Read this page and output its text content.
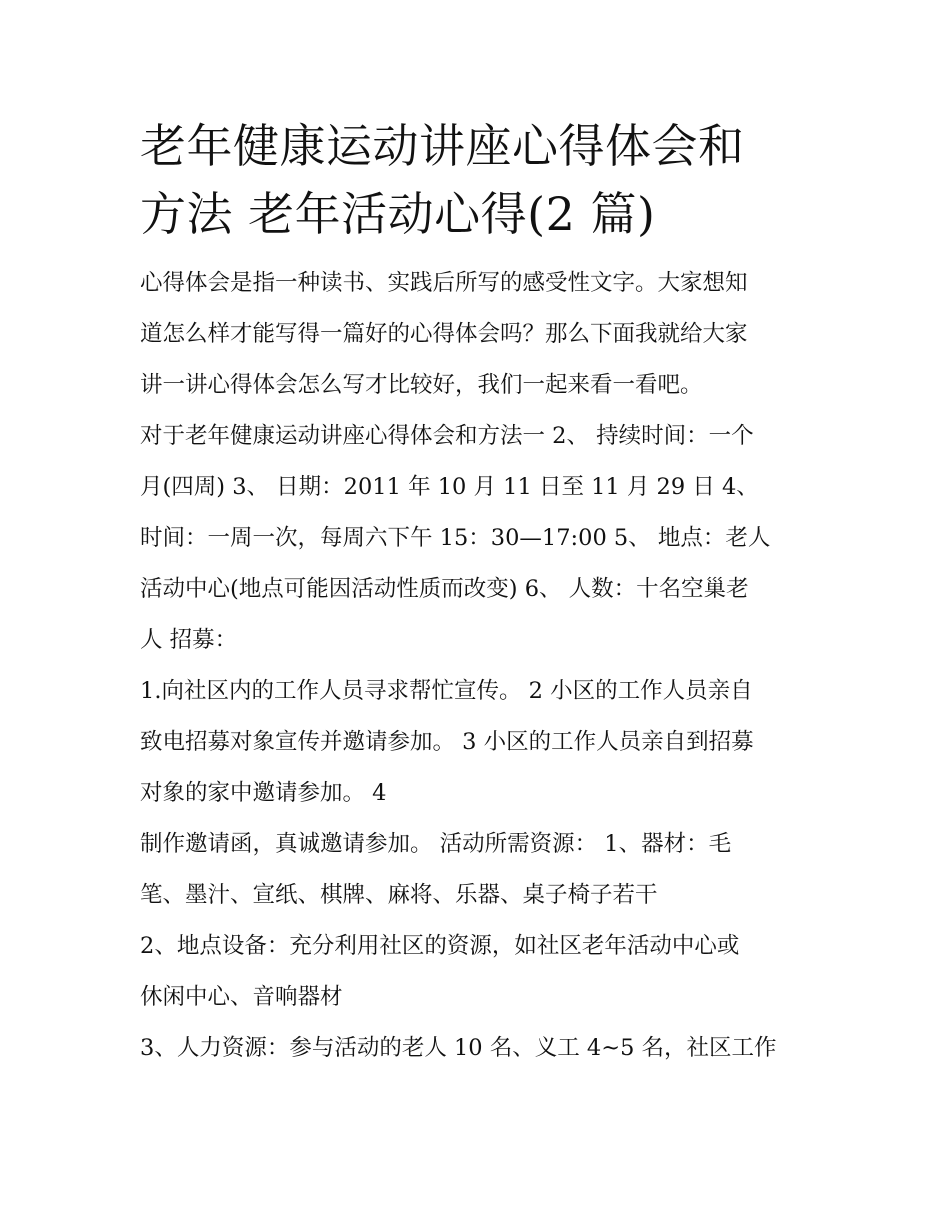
老年健康运动讲座心得体会和
方法 老年活动心得(2 篇)

心得体会是指一种读书、实践后所写的感受性文字。大家想知
道怎么样才能写得一篇好的心得体会吗？那么下面我就给大家
讲一讲心得体会怎么写才比较好，我们一起来看一看吧。

对于老年健康运动讲座心得体会和方法一 2、 持续时间：一个
月(四周) 3、 日期：2011 年 10 月 11 日至 11 月 29 日 4、
时间：一周一次，每周六下午 15：30—17:00 5、 地点：老人
活动中心(地点可能因活动性质而改变) 6、 人数：十名空巢老
人 招募：

1.向社区内的工作人员寻求帮忙宣传。 2 小区的工作人员亲自
致电招募对象宣传并邀请参加。 3 小区的工作人员亲自到招募
对象的家中邀请参加。 4

制作邀请函，真诚邀请参加。 活动所需资源： 1、器材：毛
笔、墨汁、宣纸、棋牌、麻将、乐器、桌子椅子若干

2、地点设备：充分利用社区的资源，如社区老年活动中心或
休闲中心、音响器材

3、人力资源：参与活动的老人 10 名、义工 4~5 名，社区工作
